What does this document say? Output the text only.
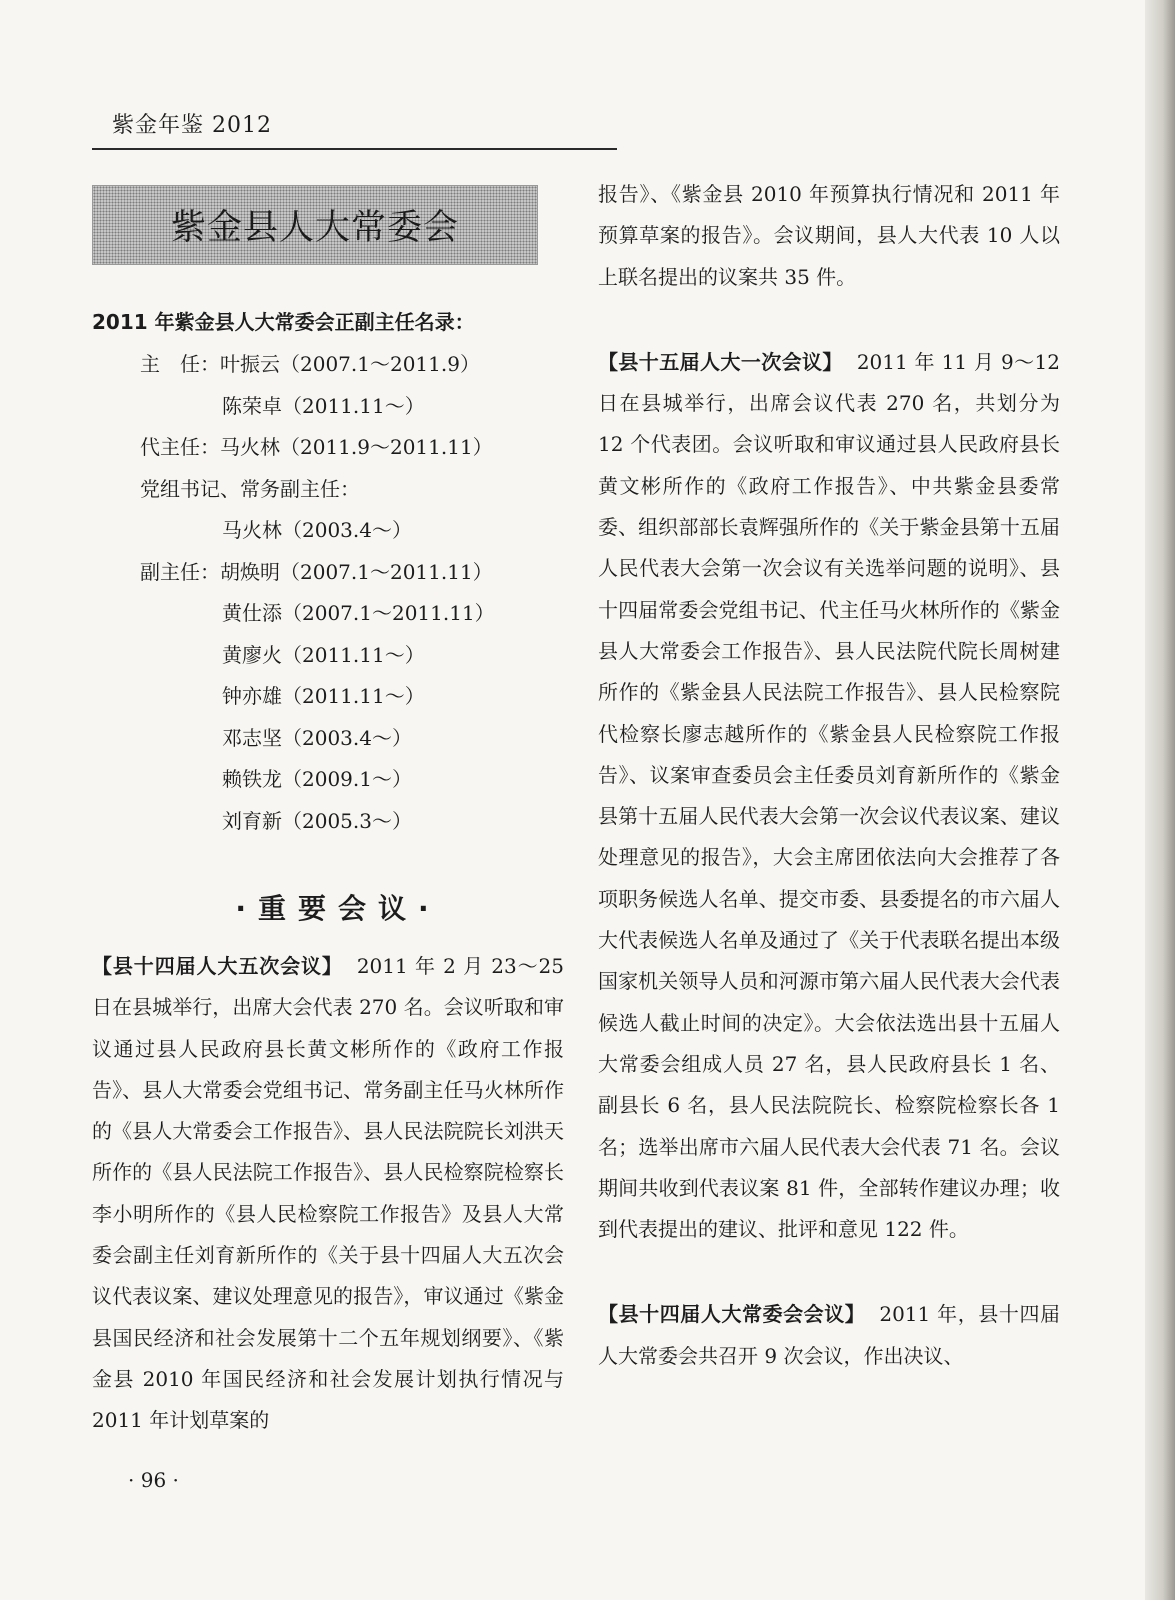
紫金年鉴 2012
紫金县人大常委会
2011 年紫金县人大常委会正副主任名录：
主　任：叶振云（2007.1～2011.9）
陈荣卓（2011.11～）
代主任：马火林（2011.9～2011.11）
党组书记、常务副主任：
马火林（2003.4～）
副主任：胡焕明（2007.1～2011.11）
黄仕添（2007.1～2011.11）
黄廖火（2011.11～）
钟亦雄（2011.11～）
邓志坚（2003.4～）
赖铁龙（2009.1～）
刘育新（2005.3～）
·重要会议·

【县十四届人大五次会议】 2011 年 2 月 23～25 日在县城举行，出席大会代表 270 名。会议听取和审议通过县人民政府县长黄文彬所作的《政府工作报告》、县人大常委会党组书记、常务副主任马火林所作的《县人大常委会工作报告》、县人民法院院长刘洪天所作的《县人民法院工作报告》、县人民检察院检察长李小明所作的《县人民检察院工作报告》及县人大常委会副主任刘育新所作的《关于县十四届人大五次会议代表议案、建议处理意见的报告》，审议通过《紫金县国民经济和社会发展第十二个五年规划纲要》、《紫金县 2010 年国民经济和社会发展计划执行情况与 2011 年计划草案的

报告》、《紫金县 2010 年预算执行情况和 2011 年预算草案的报告》。会议期间，县人大代表 10 人以上联名提出的议案共 35 件。

【县十五届人大一次会议】 2011 年 11 月 9～12 日在县城举行，出席会议代表 270 名，共划分为 12 个代表团。会议听取和审议通过县人民政府县长黄文彬所作的《政府工作报告》、中共紫金县委常委、组织部部长袁辉强所作的《关于紫金县第十五届人民代表大会第一次会议有关选举问题的说明》、县十四届常委会党组书记、代主任马火林所作的《紫金县人大常委会工作报告》、县人民法院代院长周树建所作的《紫金县人民法院工作报告》、县人民检察院代检察长廖志越所作的《紫金县人民检察院工作报告》、议案审查委员会主任委员刘育新所作的《紫金县第十五届人民代表大会第一次会议代表议案、建议处理意见的报告》，大会主席团依法向大会推荐了各项职务候选人名单、提交市委、县委提名的市六届人大代表候选人名单及通过了《关于代表联名提出本级国家机关领导人员和河源市第六届人民代表大会代表候选人截止时间的决定》。大会依法选出县十五届人大常委会组成人员 27 名，县人民政府县长 1 名、副县长 6 名，县人民法院院长、检察院检察长各 1 名；选举出席市六届人民代表大会代表 71 名。会议期间共收到代表议案 81 件，全部转作建议办理；收到代表提出的建议、批评和意见 122 件。

【县十四届人大常委会会议】 2011 年，县十四届人大常委会共召开 9 次会议，作出决议、

· 96 ·
